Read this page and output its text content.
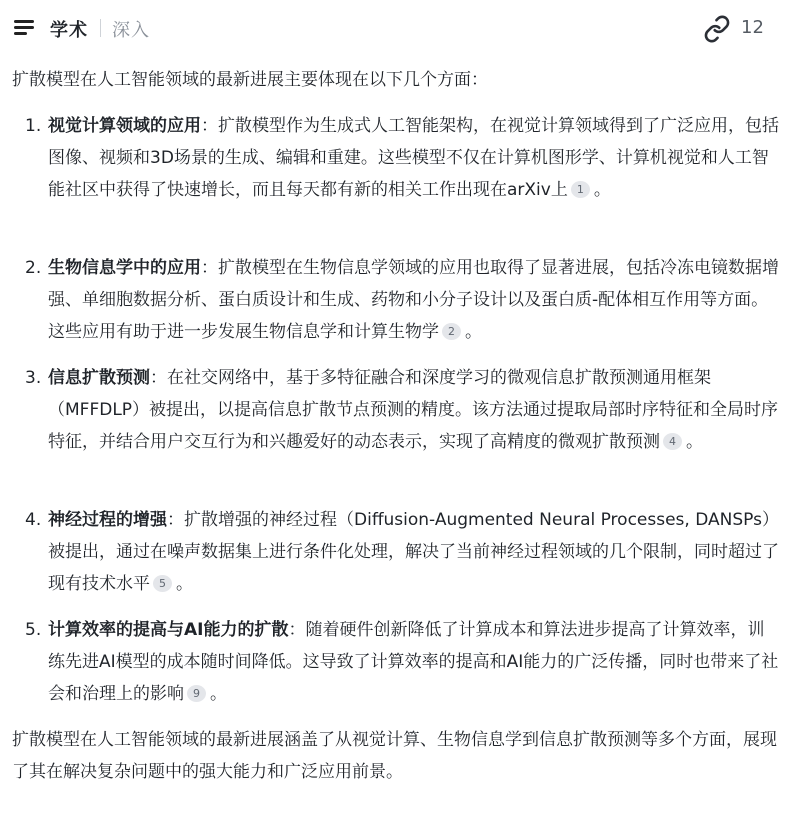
学术 深入	12

扩散模型在人工智能领域的最新进展主要体现在以下几个方面：

1. 视觉计算领域的应用：扩散模型作为生成式人工智能架构，在视觉计算领域得到了广泛应用，包括图像、视频和3D场景的生成、编辑和重建。这些模型不仅在计算机图形学、计算机视觉和人工智能社区中获得了快速增长，而且每天都有新的相关工作出现在arXiv上 1 。
2. 生物信息学中的应用：扩散模型在生物信息学领域的应用也取得了显著进展，包括冷冻电镜数据增强、单细胞数据分析、蛋白质设计和生成、药物和小分子设计以及蛋白质-配体相互作用等方面。这些应用有助于进一步发展生物信息学和计算生物学 2 。
3. 信息扩散预测：在社交网络中，基于多特征融合和深度学习的微观信息扩散预测通用框架（MFFDLP）被提出，以提高信息扩散节点预测的精度。该方法通过提取局部时序特征和全局时序特征，并结合用户交互行为和兴趣爱好的动态表示，实现了高精度的微观扩散预测 4 。
4. 神经过程的增强：扩散增强的神经过程（Diffusion-Augmented Neural Processes, DANSPs）被提出，通过在噪声数据集上进行条件化处理，解决了当前神经过程领域的几个限制，同时超过了现有技术水平 5 。
5. 计算效率的提高与AI能力的扩散：随着硬件创新降低了计算成本和算法进步提高了计算效率，训练先进AI模型的成本随时间降低。这导致了计算效率的提高和AI能力的广泛传播，同时也带来了社会和治理上的影响 9 。

扩散模型在人工智能领域的最新进展涵盖了从视觉计算、生物信息学到信息扩散预测等多个方面，展现了其在解决复杂问题中的强大能力和广泛应用前景。
